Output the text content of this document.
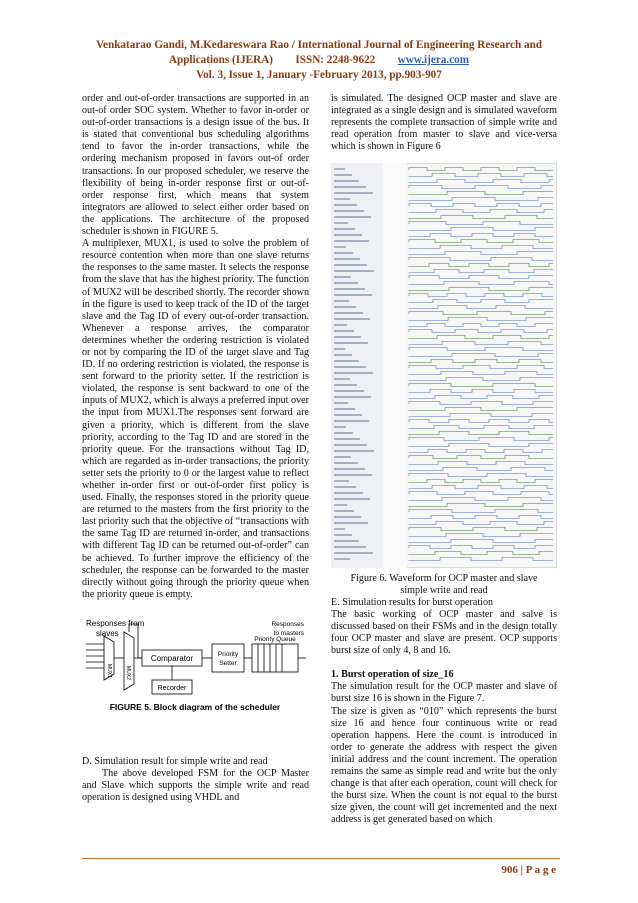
Venkatarao Gandi, M.Kedareswara Rao / International Journal of Engineering Research and
Applications (IJERA) ISSN: 2248-9622 www.ijera.com
Vol. 3, Issue 1, January -February 2013, pp.903-907

order and out-of-order transactions are supported in an out-of order SOC system. Whether to favor in-order or out-of-order transactions is a design issue of the bus. It is stated that conventional bus scheduling algorithms tend to favor the in-order transactions, while the ordering mechanism proposed in favors out-of order transactions. In our proposed scheduler, we reserve the flexibility of being in-order response first or out-of-order response first, which means that system integrators are allowed to select either order based on the applications. The architecture of the proposed scheduler is shown in FIGURE 5.

A multiplexer, MUX1, is used to solve the problem of resource contention when more than one slave returns the responses to the same master. It selects the response from the slave that has the highest priority. The function of MUX2 will be described shortly. The recorder shown in the figure is used to keep track of the ID of the target slave and the Tag ID of every out-of-order transaction. Whenever a response arrives, the comparator determines whether the ordering restriction is violated or not by comparing the ID of the target slave and Tag ID. If no ordering restriction is violated, the response is sent forward to the priority setter. If the restriction is violated, the response is sent backward to one of the inputs of MUX2, which is always a preferred input over the input from MUX1.The responses sent forward are given a priority, which is different from the slave priority, according to the Tag ID and are stored in the priority queue. For the transactions without Tag ID, which are regarded as in-order transactions, the priority setter sets the priority to 0 or the largest value to reflect whether in-order first or out-of-order first policy is used. Finally, the responses stored in the priority queue are returned to the masters from the first priority to the last priority such that the objective of “transactions with the same Tag ID are returned in-order, and transactions with different Tag ID can be returned out-of-order” can be achieved. To further improve the efficiency of the scheduler, the response can be forwarded to the master directly without going through the priority queue when the priority queue is empty.

Responses from
slaves
MUX1	MUX2
Comparator	Priority
Setter
Priority Queue
Responses
to masters
Recorder
FIGURE 5. Block diagram of the scheduler

D. Simulation result for simple write and read

The above developed FSM for the OCP Master and Slave which supports the simple write and read operation is designed using VHDL and

is simulated. The designed OCP master and slave are integrated as a single design and is simulated waveform represents the complete transaction of simple write and read operation from master to slave and vice-versa which is shown in Figure 6

Figure 6. Waveform for OCP master and slave
simple write and read

E. Simulation results for burst operation

The basic working of OCP master and salve is discussed based on their FSMs and in the design totally four OCP master and slave are present. OCP supports burst size of only 4, 8 and 16.

1. Burst operation of size_16

The simulation result for the OCP master and slave of burst size 16 is shown in the Figure 7.

The size is given as “010” which represents the burst size 16 and hence four continuous write or read operation happens. Here the count is introduced in order to generate the address with respect the given initial address and the count increment. The operation remains the same as simple read and write but the only change is that after each operation, count will check for the burst size. When the count is not equal to the burst size given, the count will get incremented and the next address is get generated based on which

906 | P a g e
